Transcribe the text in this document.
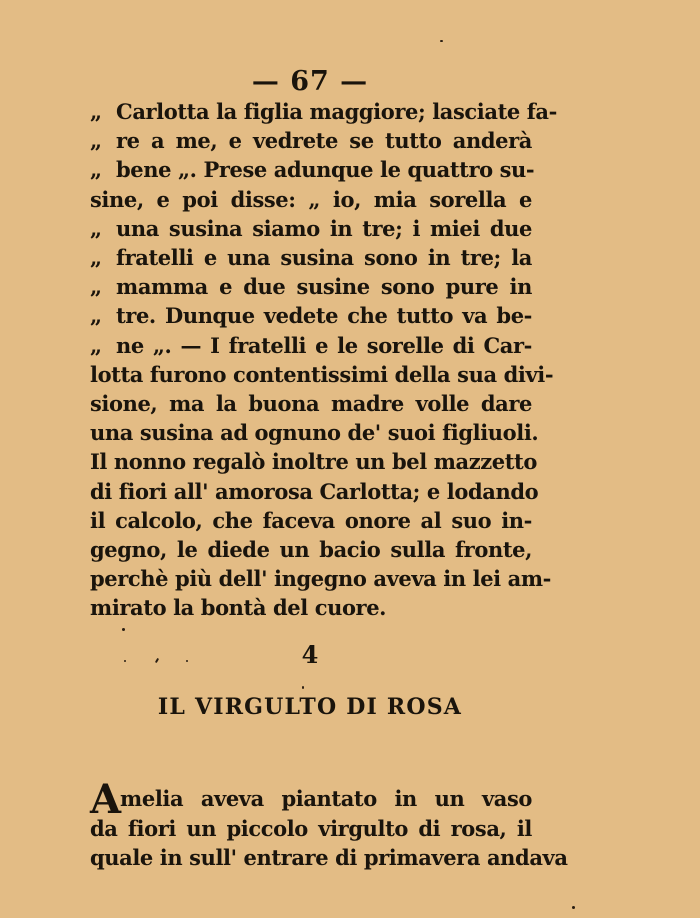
— 67 —
„ Carlotta la figlia maggiore; lasciate fa-
„ re a me, e vedrete se tutto anderà
„ bene „. Prese adunque le quattro su-
sine, e poi disse: „ io, mia sorella e
„ una susina siamo in tre; i miei due
„ fratelli e una susina sono in tre; la
„ mamma e due susine sono pure in
„ tre. Dunque vedete che tutto va be-
„ ne „. — I fratelli e le sorelle di Car-
lotta furono contentissimi della sua divi-
sione, ma la buona madre volle dare
una susina ad ognuno de' suoi figliuoli.
Il nonno regalò inoltre un bel mazzetto
di fiori all' amorosa Carlotta; e lodando
il calcolo, che faceva onore al suo in-
gegno, le diede un bacio sulla fronte,
perchè più dell' ingegno aveva in lei am-
mirato la bontà del cuore.
4
IL VIRGULTO DI ROSA
A melia aveva piantato in un vaso
da fiori un piccolo virgulto di rosa, il
quale in sull' entrare di primavera andava
